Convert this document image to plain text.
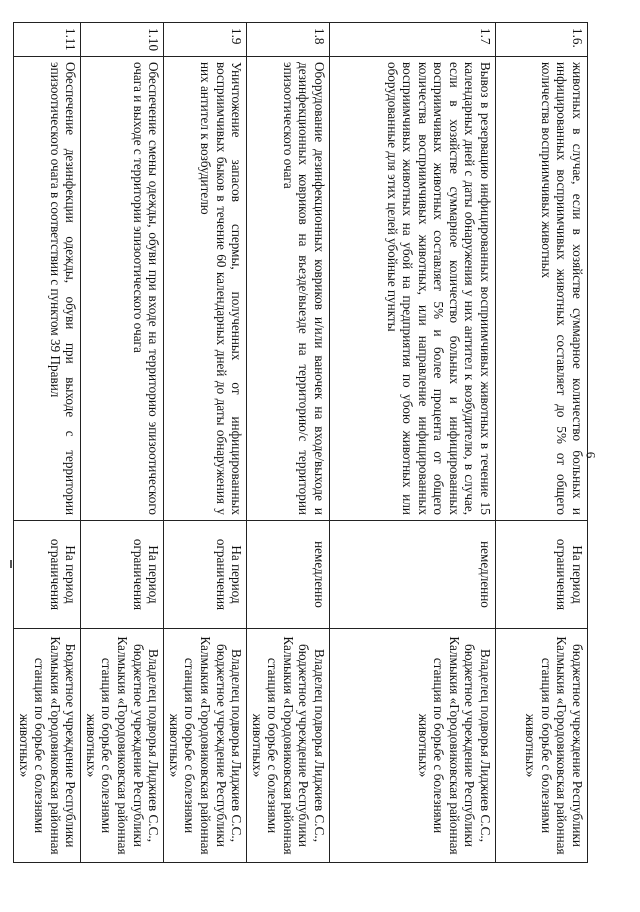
1.6.	животных в случае, если в хозяйстве суммарное количество больных и инфицированных восприимчивых животных составляет до 5% от общего количества восприимчивых животных	На период ограничения	бюджетное учреждение Республики Калмыкия «Городовиковская районная станция по борьбе с болезнями животных»
1.7	Вывоз в резервацию инфицированных восприимчивых животных в течение 15 календарных дней с даты обнаружения у них антител к возбудителю, в случае, если в хозяйстве суммарное количество больных и инфицированных восприимчивых животных составляет 5% и более процента от общего количества восприимчивых животных, или направление инфицированных восприимчивых животных на убой на предприятия по убою животных или оборудованные для этих целей убойные пункты	немедленно	Владелец подворья Лиджиев С.С., бюджетное учреждение Республики Калмыкия «Городовиковская районная станция по борьбе с болезнями животных»
1.8	Оборудование дезинфекционных ковриков и/или ваночек на входе/выходе и дезинфекционных ковриков на въезде/выезде на территорию/с территории эпизоотического очага	немедленно	Владелец подворья Лиджиев С.С., бюджетное учреждение Республики Калмыкия «Городовиковская районная станция по борьбе с болезнями животных»
1.9	Уничтожение запасов спермы, полученных от инфицированных восприимчивых быков в течение 60 календарных дней до даты обнаружения у них антител к возбудителю	На период ограничения	Владелец подворья Лиджиев С.С., бюджетное учреждение Республики Калмыкия «Городовиковская районная станция по борьбе с болезнями животных»
1.10	Обеспечение смены одежды, обуви при входе на территорию эпизоотического очага и выходе с территории эпизоотического очага	На период ограничения	Владелец подворья Лиджиев С.С., бюджетное учреждение Республики Калмыкия «Городовиковская районная станция по борьбе с болезнями животных»
1.11	Обеспечение дезинфекции одежды, обуви при выходе с территории эпизоотического очага в соответствии с пунктом 39 Правил	На период ограничения	Бюджетное учреждение Республики Калмыкия «Городовиковская районная станция по борьбе с болезнями животных»
6
